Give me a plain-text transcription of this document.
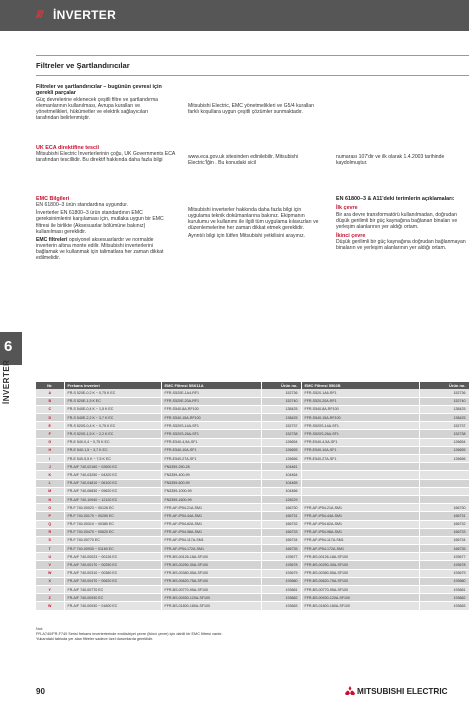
/// İNVERTER
Filtreler ve Şartlandırıcılar
Filtreler ve şartlandırıcılar – bugünün çevresi için gerekli parçalar

Güç devrelerine eklenecek çeşitli filtre ve şartlandırma elemanlarının kullanılması, Avrupa kuralları ve yönetmelikleri, hükümetler ve elektrik sağlayıcıları tarafından belirlenmiştir.

Mitsubishi Electric, EMC yönetmelikleri ve G5/4 kuralları farklı koşullara uygun çeşitli çözümler sunmaktadır.

UK ECA direktifine tescil

Mitsubishi Electric İnverterlerinin çoğu, UK Governments ECA tarafından tescillidir. Bu direktif hakkında daha fazla bilgi

www.eca.gov.uk sitesinden edinilebilir. Mitsubishi Electric'İğin . Bu konudaki sicil

numarası 107'dir ve ilk olarak 1.4.2003 tarihinde kaydolmuştur.

EMC Bilgileri

EN 61800–3 ürün standardına uygundur.

İnverterler EN 61800–3 ürün standardının EMC gereksinimlerini karşılaması için, mutlaka uygun bir EMC filtresi ile birlikte (Aksesuarlar bölümüne bakınız) kullanılması gereklidir.

EMC filtreleri opsiyonel aksesuarlardır ve normalde inverterin altına monte edilir. Mitsubishi inverterlerini bağlamak ve kullanmak için talimatlara her zaman dikkat edilmelidir.

Mitsubishi inverterler hakkında daha fazla bilgi için uygulama teknik dokümanlarına bakınız. Ekipmanın kurulumu ve kullanımı ile ilgili tüm uygulama kılavuzları ve düzenlemelerine her zaman dikkat etmek gereklidir.

Aynntılı bilgi için lütfen Mitsubishi yetkilisini arayınız.

EN 61800–3 & A11'deki terimlerin açıklamaları:
İlk çevre

Bir ara devre transformatörü kullanılmadan, doğrudan düşük gerilimli bir güç kaynağına bağlanan binaları ve yerleşim alanlarının yer aldığı ortam.

İkinci çevre

Düşük gerilimli bir güç kaynağına doğrudan bağlanmayan binaların ve yerleşim alanlarının yer aldığı ortam.

6
İNVERTER	Nr.	Frekans inverteri	EMC Filtresi 5SK11A	Ürün no.	EMC Filtresi 5502B	Ürün no.
A	FR-S 520E-0.2 K ~ 0,75 K EC	FFR-S520E-1A4-RF1	152736	FFR-S520-1A6-RF1	152736
B	FR-S 520E-1,5 K EC	FFR-S520E-20A-RF1	152740	FFR-S520-20A-RF1	152740
C	FR-S 540E-0,4 K ~ 1,5 K EC	FFR-S540-8A-RF100	138425	FFR-S540-8A-RF100	138425
D	FR-S 540E-2,2 K ~ 3,7 K EC	FFR-S540-15A-RF100	138425	FFR-S540-15A-RF100	138425
E	FR-S 520S-0,4 K ~ 0,75 K EC	FFR-S520S-14A-SF1	152737	FFR-S520S-14A-SF1	152737
F	FR-S 520S-1,5 K ~ 2,2 K EC	FFR-S520S-26A-SF1	152738	FFR-S520S-26A-SF1	152738
G	FR-E 540-0,4 ~ 0,75 K EC	FFR-E540-4,5A-SF1	126654	FFR-E540-4,5A-SF1	126654
H	FR-E 540-1,5 ~ 3,7 K EC	FFR-E540-10A-SF1	126655	FFR-E540-10A-SF1	126655
I	FR-E 540-5,5 K ~ 7,5 K EC	FFR-E540-27A-SF1	126656	FFR-E540-27A-SF1	126656
J	FR-A/F 740-02160 ~ 02600 EC	FN3359-250-28	104461		
K	FR-A/F 740-03250 ~ 04320 EC	FN3359-400-99	104464		
L	FR-A/F 740-04810 ~ 06100 EC	FN3359-600-99	104465		
M	FR-A/F 740-06830 ~ 09620 EC	FN3359-1000-99	104466		
N	FR-A/F 740-10940 ~ 12120 EC	FN3359-1600-99	128229		
O	FR-F 740-00023 ~ 00126 EC	FFR-AF-IP54-21A-SM1	166730	FFR-AF-IP54-21A-SM1	166730
P	FR-F 740-00170 ~ 00250 EC	FFR-AF-IP54-44A-SM1	166731	FFR-AF-IP54-44A-SM1	166731
Q	FR-F 740-00310 ~ 00380 EC	FFR-AF-IP54-62A-SM1	166732	FFR-AF-IP54-62A-SM1	166732
R	FR-F 740-00470 ~ 00620 EC	FFR-AF-IP54-98A-SM1	166733	FFR-AF-IP54-98A-SM1	166733
S	FR-F 740-00770 EC	FFR-AF-IP54-117A-SM1	166734	FFR-AF-IP54-117A-SM1	166734
T	FR-F 740-00930 ~ 01160 EC	FFR-AF-IP54-172A-SM1	166735	FFR-AF-IP54-172A-SM1	166735
U	FR-A/F 740-00023 ~ 00126 EC	FFR-BS-00126-18A-SF100	193677	FFR-BS-00126-18A-SF100	193677
V	FR-A/F 740-00170 ~ 00250 EC	FFR-BS-00250-30A-SF100	193678	FFR-BS-00250-30A-SF100	193678
W	FR-A/F 740-00310 ~ 00380 EC	FFR-BS-00380-55A-SF100	193679	FFR-BS-00380-55A-SF100	193679
X	FR-A/F 740-00470 ~ 00620 EC	FFR-BS-00620-75A-SF100	193680	FFR-BS-00620-75A-SF100	193680
Y	FR-A/F 740-00770 EC	FFR-BS-00770-95A-SF100	193681	FFR-BS-00770-95A-SF100	193681
Z	FR-A/F 740-00930 EC	FFR-BS-00930-120A-SF100	193682	FFR-BS-00930-120A-SF100	193682
W	FR-A/F 740-00930 ~ 01800 EC	FFR-BS-01800-180A-SF100	193683	FFR-BS-01800-180A-SF100	193683
Not:
FR-A740/FR-F740 Serisi frekans inverterlerinde endüstriyel çevre (ikinci çevre) için dahili bir EMC filtresi vardır.
Yukarıdaki tabloda yer alan filtreler sadece özel durumlarda gereklidir.
90	MITSUBISHI ELECTRIC
